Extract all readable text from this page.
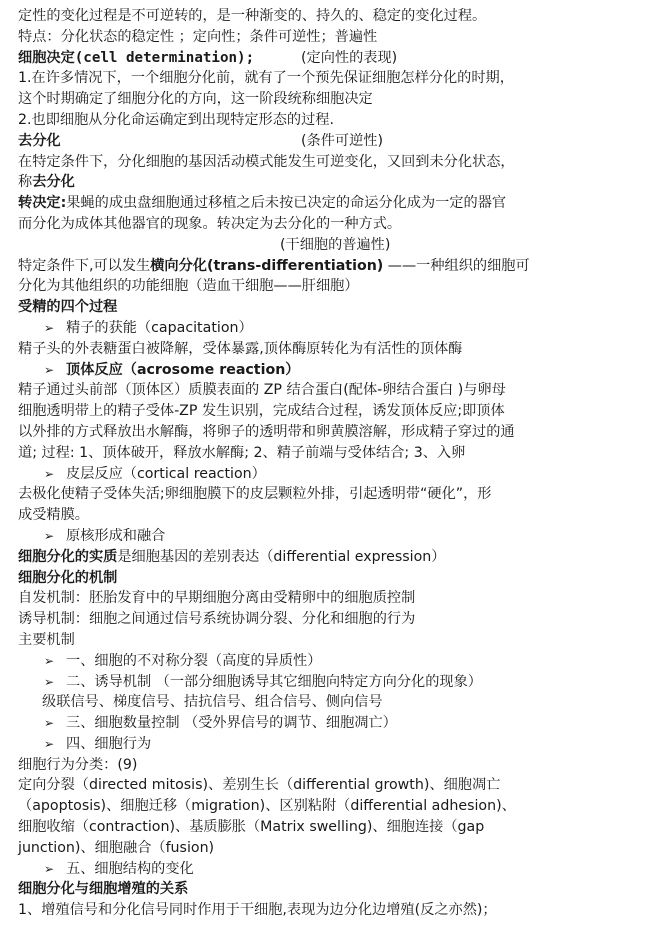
定性的变化过程是不可逆转的，是一种渐变的、持久的、稳定的变化过程。
特点：分化状态的稳定性 ；定向性；条件可逆性；普遍性
细胞决定(cell determination);	(定向性的表现)
1.在许多情况下，一个细胞分化前，就有了一个预先保证细胞怎样分化的时期，
这个时期确定了细胞分化的方向，这一阶段统称细胞决定
2.也即细胞从分化命运确定到出现特定形态的过程.
去分化	(条件可逆性)
在特定条件下，分化细胞的基因活动模式能发生可逆变化，又回到未分化状态，
称去分化
转决定:果蝇的成虫盘细胞通过移植之后未按已决定的命运分化成为一定的器官
而分化为成体其他器官的现象。转决定为去分化的一种方式。
(干细胞的普遍性)
特定条件下,可以发生横向分化(trans-differentiation) ——一种组织的细胞可
分化为其他组织的功能细胞（造血干细胞——肝细胞）
受精的四个过程
➢ 精子的获能（capacitation）
精子头的外表糖蛋白被降解，受体暴露,顶体酶原转化为有活性的顶体酶
➢ 顶体反应（acrosome reaction）
精子通过头前部（顶体区）质膜表面的 ZP 结合蛋白(配体-卵结合蛋白 )与卵母
细胞透明带上的精子受体-ZP 发生识别，完成结合过程，诱发顶体反应;即顶体
以外排的方式释放出水解酶，将卵子的透明带和卵黄膜溶解，形成精子穿过的通
道; 过程: 1、顶体破开，释放水解酶; 2、精子前端与受体结合; 3、入卵
➢ 皮层反应（cortical reaction）
去极化使精子受体失活;卵细胞膜下的皮层颗粒外排，引起透明带“硬化”，形
成受精膜。
➢ 原核形成和融合
细胞分化的实质是细胞基因的差别表达（differential expression）
细胞分化的机制
自发机制：胚胎发育中的早期细胞分离由受精卵中的细胞质控制
诱导机制：细胞之间通过信号系统协调分裂、分化和细胞的行为
主要机制
➢ 一、细胞的不对称分裂（高度的异质性）
➢ 二、诱导机制 （一部分细胞诱导其它细胞向特定方向分化的现象）
级联信号、梯度信号、拮抗信号、组合信号、侧向信号
➢ 三、细胞数量控制 （受外界信号的调节、细胞凋亡）
➢ 四、细胞行为
细胞行为分类：(9)
定向分裂（directed mitosis)、差别生长（differential growth)、细胞凋亡
（apoptosis)、细胞迁移（migration)、区别粘附（differential adhesion)、
细胞收缩（contraction)、基质膨胀（Matrix swelling)、细胞连接（gap
junction)、细胞融合（fusion)
➢ 五、细胞结构的变化
细胞分化与细胞增殖的关系
1、增殖信号和分化信号同时作用于干细胞,表现为边分化边增殖(反之亦然)；
